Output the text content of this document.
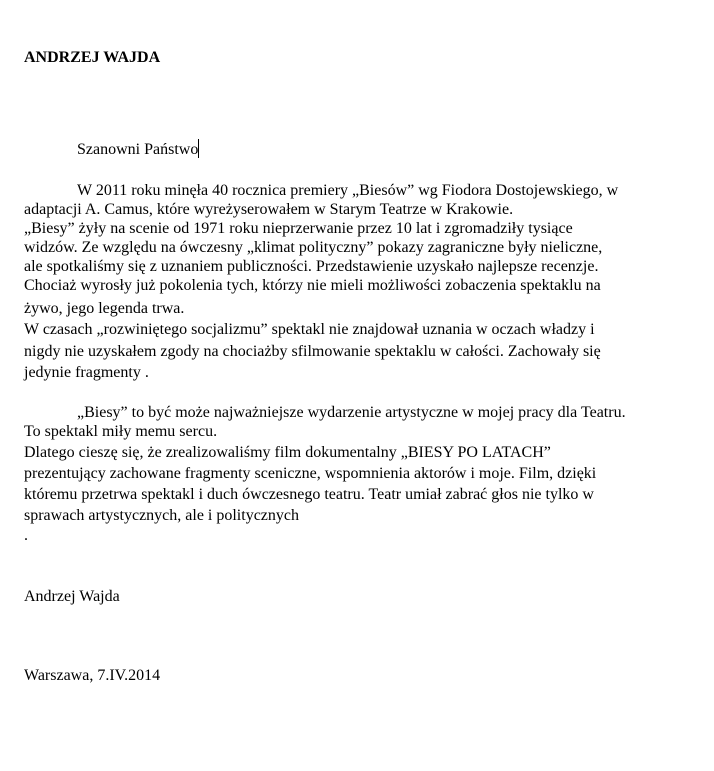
ANDRZEJ WAJDA
Szanowni Państwo
W 2011 roku minęła 40 rocznica premiery „Biesów” wg Fiodora Dostojewskiego, w
adaptacji A. Camus, które wyreżyserowałem w Starym Teatrze w Krakowie.
„Biesy” żyły na scenie od 1971 roku nieprzerwanie przez 10 lat i zgromadziły tysiące
widzów. Ze względu na ówczesny „klimat polityczny” pokazy zagraniczne były nieliczne,
ale spotkaliśmy się z uznaniem publiczności. Przedstawienie uzyskało najlepsze recenzje.
Chociaż wyrosły już pokolenia tych, którzy nie mieli możliwości zobaczenia spektaklu na
żywo, jego legenda trwa.
W czasach „rozwiniętego socjalizmu” spektakl nie znajdował uznania w oczach władzy i
nigdy nie uzyskałem zgody na chociażby sfilmowanie spektaklu w całości. Zachowały się
jedynie fragmenty .
„Biesy” to być może najważniejsze wydarzenie artystyczne w mojej pracy dla Teatru.
To spektakl miły memu sercu.
Dlatego cieszę się, że zrealizowaliśmy film dokumentalny „BIESY PO LATACH”
prezentujący zachowane fragmenty sceniczne, wspomnienia aktorów i moje. Film, dzięki
któremu przetrwa spektakl i duch ówczesnego teatru. Teatr umiał zabrać głos nie tylko w
sprawach artystycznych, ale i politycznych
.
Andrzej Wajda
Warszawa, 7.IV.2014
